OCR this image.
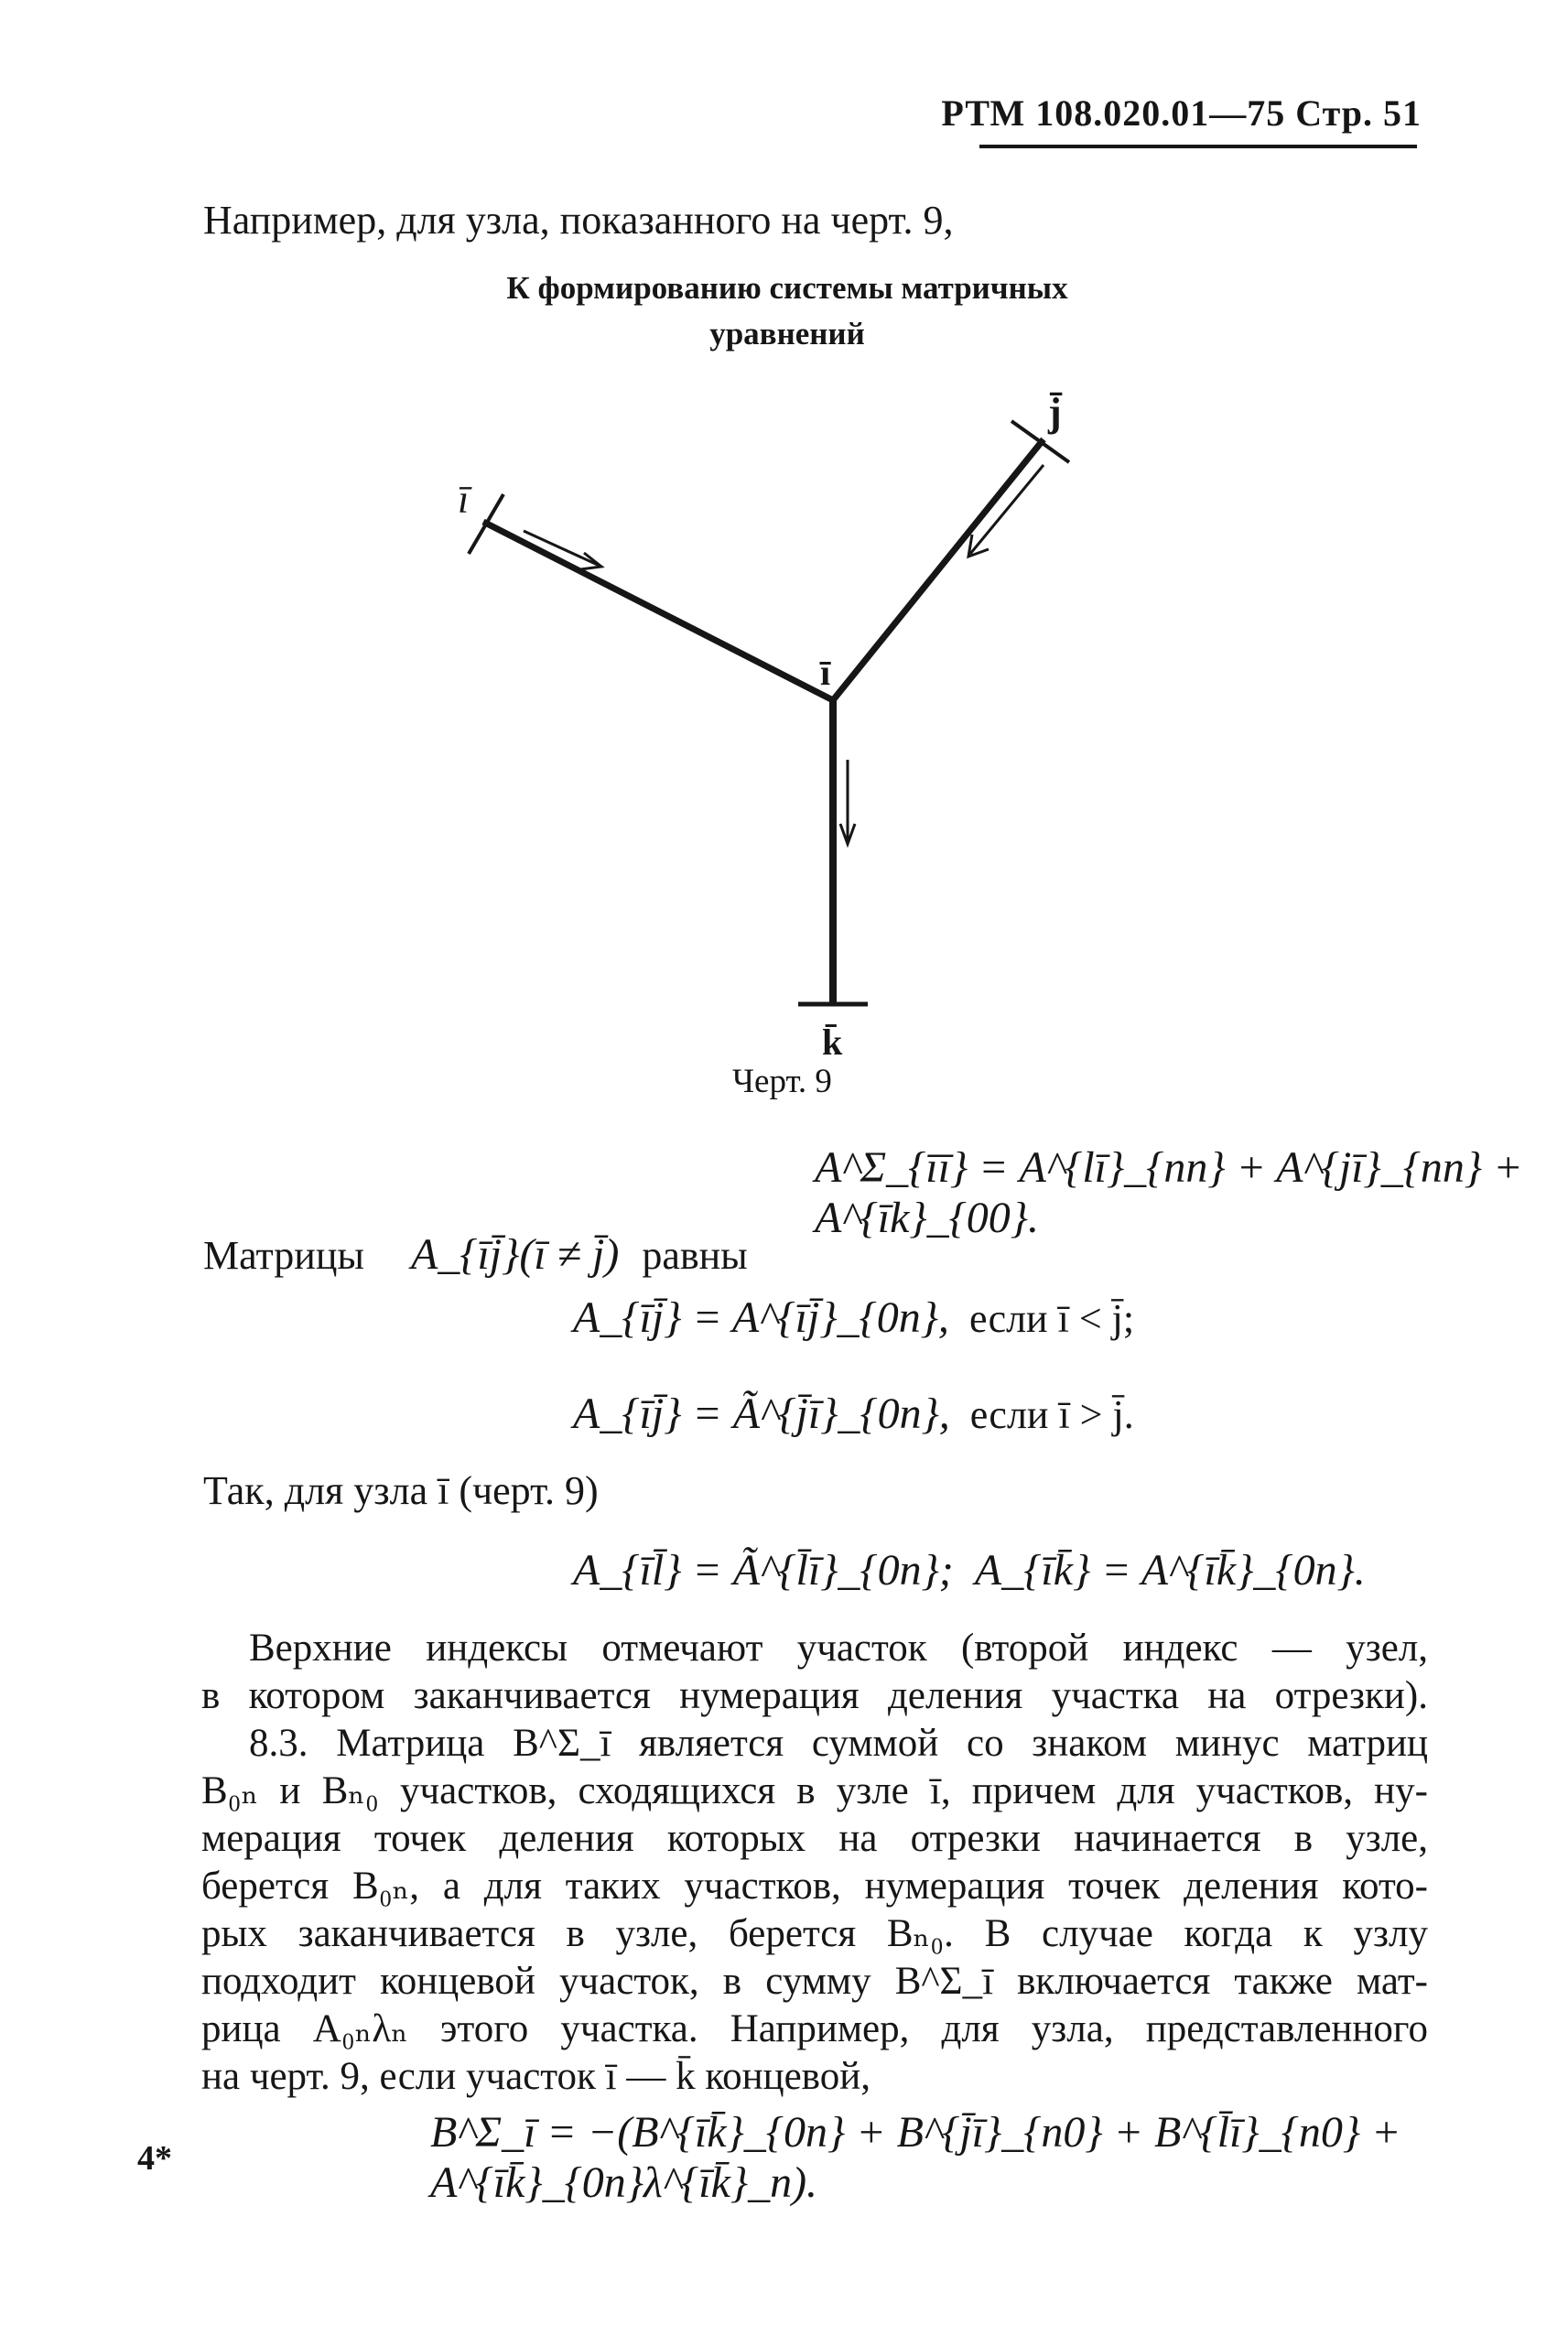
РТМ 108.020.01—75 Стр. 51
Например, для узла, показанного на черт. 9,
К формированию системы матричных
уравнений
ī
j̄
ī
k̄
Черт. 9
A^Σ_{īī} = A^{lī}_{nn} + A^{jī}_{nn} + A^{īk}_{00}.
Матрицы A_{īj̄}(ī ≠ j̄) равны
A_{īj̄} = A^{īj̄}_{0n}, если ī < j̄;
A_{īj̄} = Ã^{j̄ī}_{0n}, если ī > j̄.
Так, для узла ī (черт. 9)
A_{īl̄} = Ã^{l̄ī}_{0n};  A_{īk̄} = A^{īk̄}_{0n}.
Верхние индексы отмечают участок (второй индекс — узел,
в котором заканчивается нумерация деления участка на отрезки).
8.3. Матрица B^Σ_ī является суммой со знаком минус матриц
B₀ₙ и Bₙ₀ участков, сходящихся в узле ī, причем для участков, ну-
мерация точек деления которых на отрезки начинается в узле,
берется B₀ₙ, а для таких участков, нумерация точек деления кото-
рых заканчивается в узле, берется Bₙ₀. В случае когда к узлу
подходит концевой участок, в сумму B^Σ_ī включается также мат-
рица A₀ₙλₙ этого участка. Например, для узла, представленного
на черт. 9, если участок ī — k̄ концевой,
B^Σ_ī = −(B^{īk̄}_{0n} + B^{j̄ī}_{n0} + B^{l̄ī}_{n0} + A^{īk̄}_{0n}λ^{īk̄}_n).
4*
